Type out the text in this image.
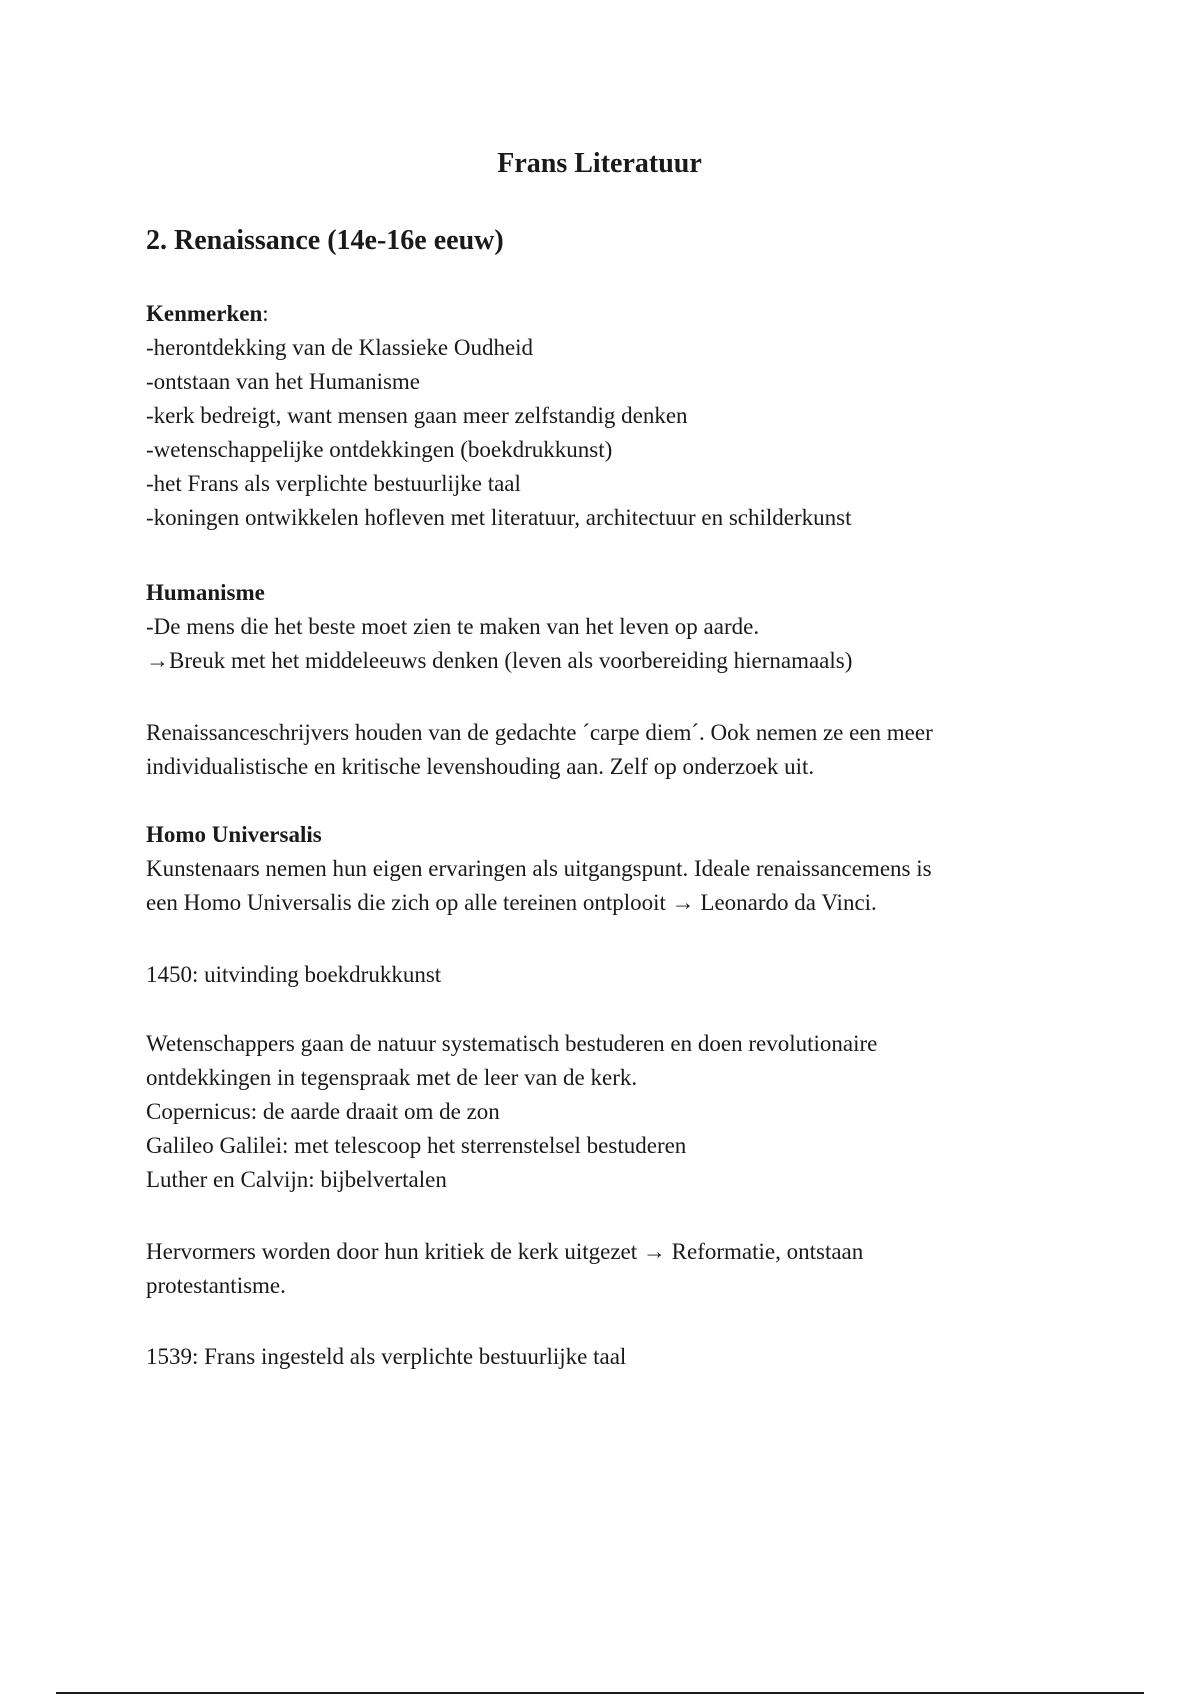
Frans Literatuur
2. Renaissance (14e-16e eeuw)
Kenmerken:
-herontdekking van de Klassieke Oudheid
-ontstaan van het Humanisme
-kerk bedreigt, want mensen gaan meer zelfstandig denken
-wetenschappelijke ontdekkingen (boekdrukkunst)
-het Frans als verplichte bestuurlijke taal
-koningen ontwikkelen hofleven met literatuur, architectuur en schilderkunst
Humanisme
-De mens die het beste moet zien te maken van het leven op aarde.
→Breuk met het middeleeuws denken (leven als voorbereiding hiernamaals)
Renaissanceschrijvers houden van de gedachte ´carpe diem´. Ook nemen ze een meer
individualistische en kritische levenshouding aan. Zelf op onderzoek uit.
Homo Universalis
Kunstenaars nemen hun eigen ervaringen als uitgangspunt. Ideale renaissancemens is
een Homo Universalis die zich op alle tereinen ontplooit → Leonardo da Vinci.
1450: uitvinding boekdrukkunst
Wetenschappers gaan de natuur systematisch bestuderen en doen revolutionaire
ontdekkingen in tegenspraak met de leer van de kerk.
Copernicus: de aarde draait om de zon
Galileo Galilei: met telescoop het sterrenstelsel bestuderen
Luther en Calvijn: bijbelvertalen
Hervormers worden door hun kritiek de kerk uitgezet → Reformatie, ontstaan
protestantisme.
1539: Frans ingesteld als verplichte bestuurlijke taal
